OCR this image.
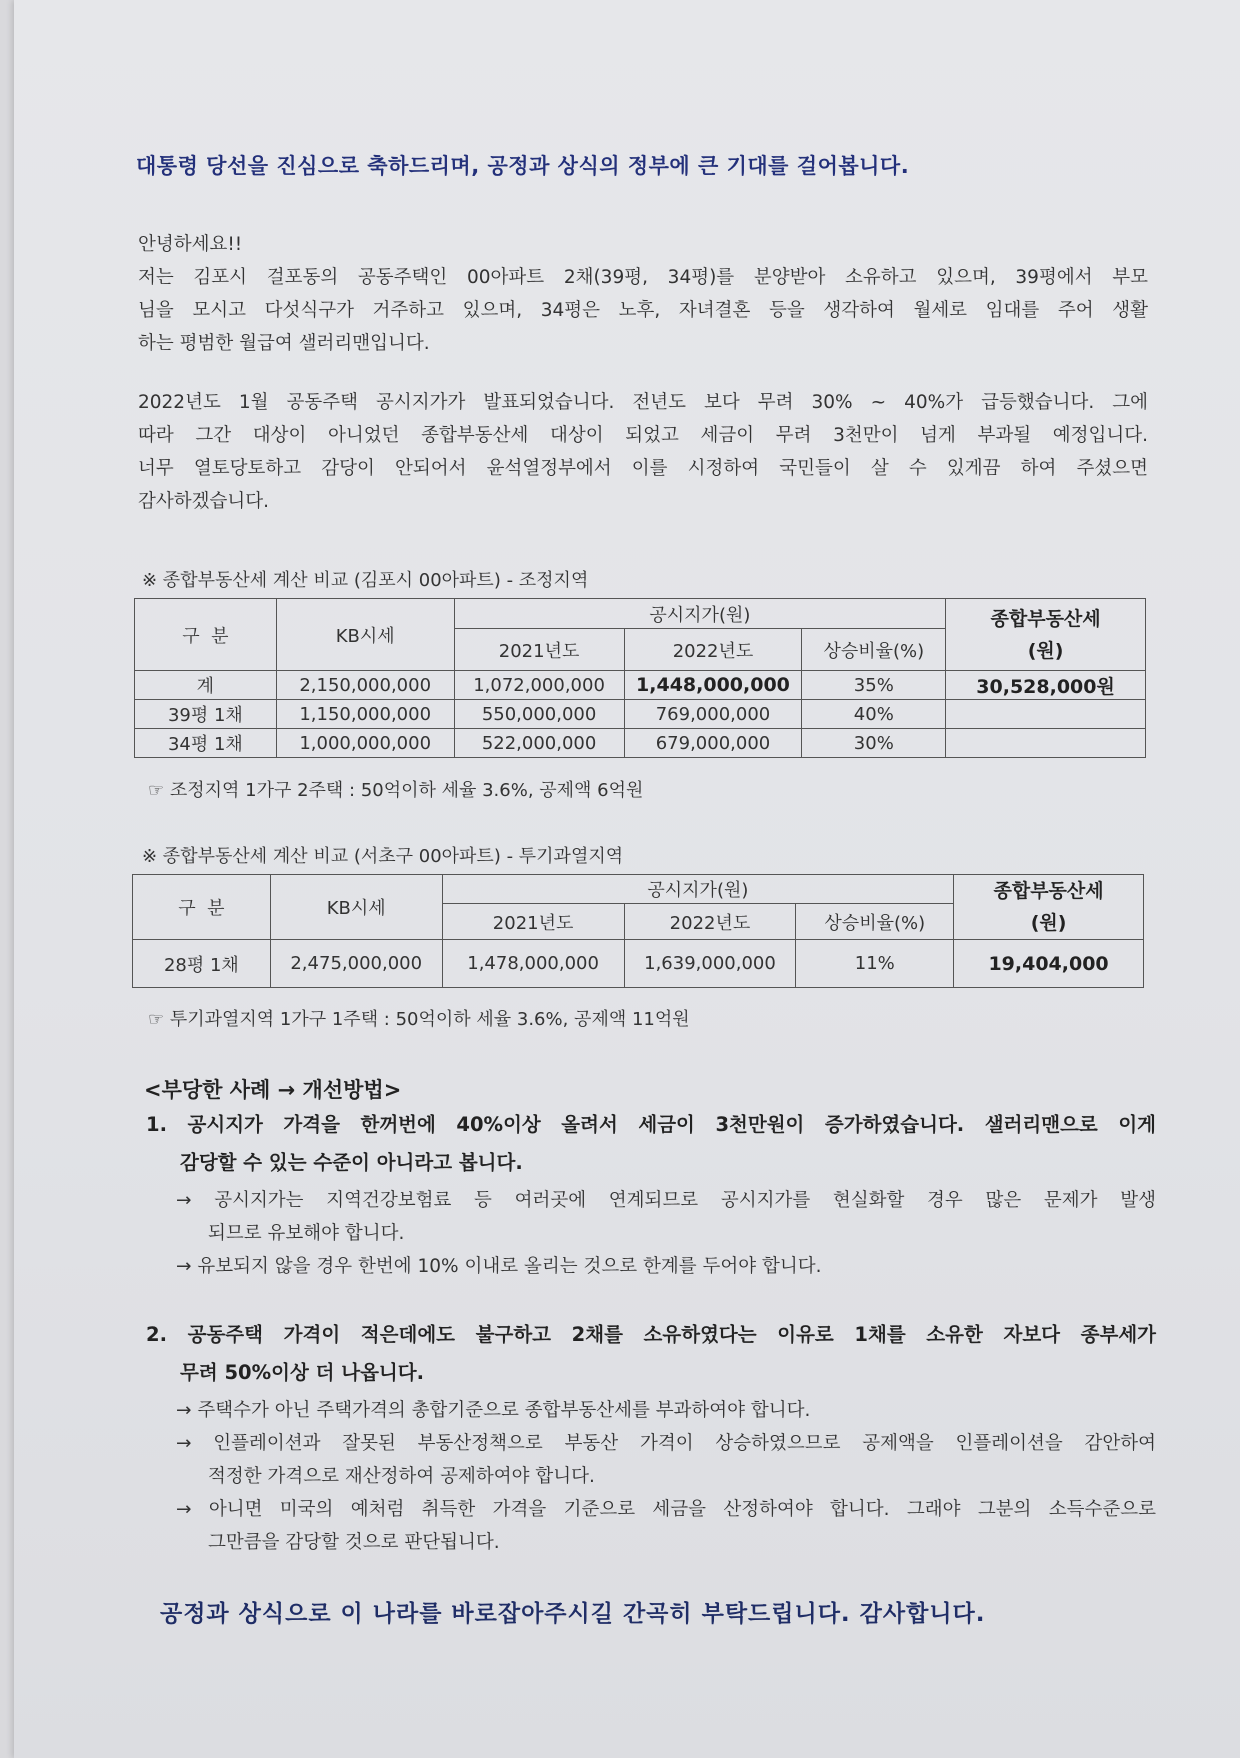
대통령 당선을 진심으로 축하드리며, 공정과 상식의 정부에 큰 기대를 걸어봅니다.
안녕하세요!!
저는 김포시 걸포동의 공동주택인 00아파트 2채(39평, 34평)를 분양받아 소유하고 있으며, 39평에서 부모
님을 모시고 다섯식구가 거주하고 있으며, 34평은 노후, 자녀결혼 등을 생각하여 월세로 임대를 주어 생활
하는 평범한 월급여 샐러리맨입니다.
2022년도 1월 공동주택 공시지가가 발표되었습니다. 전년도 보다 무려 30% ~ 40%가 급등했습니다. 그에
따라 그간 대상이 아니었던 종합부동산세 대상이 되었고 세금이 무려 3천만이 넘게 부과될 예정입니다.
너무 열토당토하고 감당이 안되어서 윤석열정부에서 이를 시정하여 국민들이 살 수 있게끔 하여 주셨으면
감사하겠습니다.
※ 종합부동산세 계산 비교 (김포시 00아파트) - 조정지역
구  분	KB시세	공시지가(원)			종합부동산세
(원)
		2021년도	2022년도	상승비율(%)	
계	2,150,000,000	1,072,000,000	1,448,000,000	35%	30,528,000원
39평 1채	1,150,000,000	550,000,000	769,000,000	40%	
34평 1채	1,000,000,000	522,000,000	679,000,000	30%	
☞ 조정지역 1가구 2주택 : 50억이하 세율 3.6%, 공제액 6억원
※ 종합부동산세 계산 비교 (서초구 00아파트) - 투기과열지역
구  분	KB시세	공시지가(원)			종합부동산세
(원)
		2021년도	2022년도	상승비율(%)	
28평 1채	2,475,000,000	1,478,000,000	1,639,000,000	11%	19,404,000
☞ 투기과열지역 1가구 1주택 : 50억이하 세율 3.6%, 공제액 11억원
<부당한 사례 → 개선방법>
1. 공시지가 가격을 한꺼번에 40%이상 올려서 세금이 3천만원이 증가하였습니다. 샐러리맨으로 이게
감당할 수 있는 수준이 아니라고 봅니다.
→ 공시지가는 지역건강보험료 등 여러곳에 연계되므로 공시지가를 현실화할 경우 많은 문제가 발생
되므로 유보해야 합니다.
→ 유보되지 않을 경우 한번에 10% 이내로 올리는 것으로 한계를 두어야 합니다.
2. 공동주택 가격이 적은데에도 불구하고 2채를 소유하였다는 이유로 1채를 소유한 자보다 종부세가
무려 50%이상 더 나옵니다.
→ 주택수가 아닌 주택가격의 총합기준으로 종합부동산세를 부과하여야 합니다.
→ 인플레이션과 잘못된 부동산정책으로 부동산 가격이 상승하였으므로 공제액을 인플레이션을 감안하여
적정한 가격으로 재산정하여 공제하여야 합니다.
→ 아니면 미국의 예처럼 취득한 가격을 기준으로 세금을 산정하여야 합니다. 그래야 그분의 소득수준으로
그만큼을 감당할 것으로 판단됩니다.
공정과 상식으로 이 나라를 바로잡아주시길 간곡히 부탁드립니다. 감사합니다.
